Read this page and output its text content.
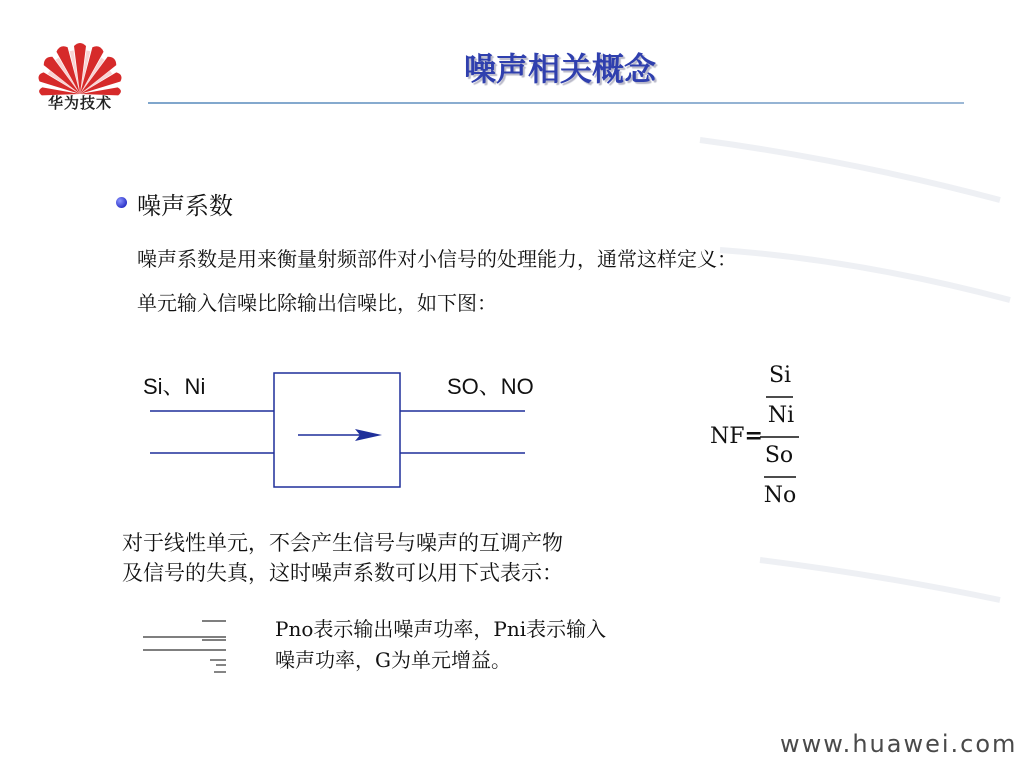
华为技术
噪声相关概念
噪声系数
噪声系数是用来衡量射频部件对小信号的处理能力，通常这样定义：
单元输入信噪比除输出信噪比，如下图：
Si、Ni	SO、NO
NF=
Si
Ni
So
No
对于线性单元，不会产生信号与噪声的互调产物
及信号的失真，这时噪声系数可以用下式表示：
Pno表示输出噪声功率，Pni表示输入
噪声功率，G为单元增益。
www.huawei.com
